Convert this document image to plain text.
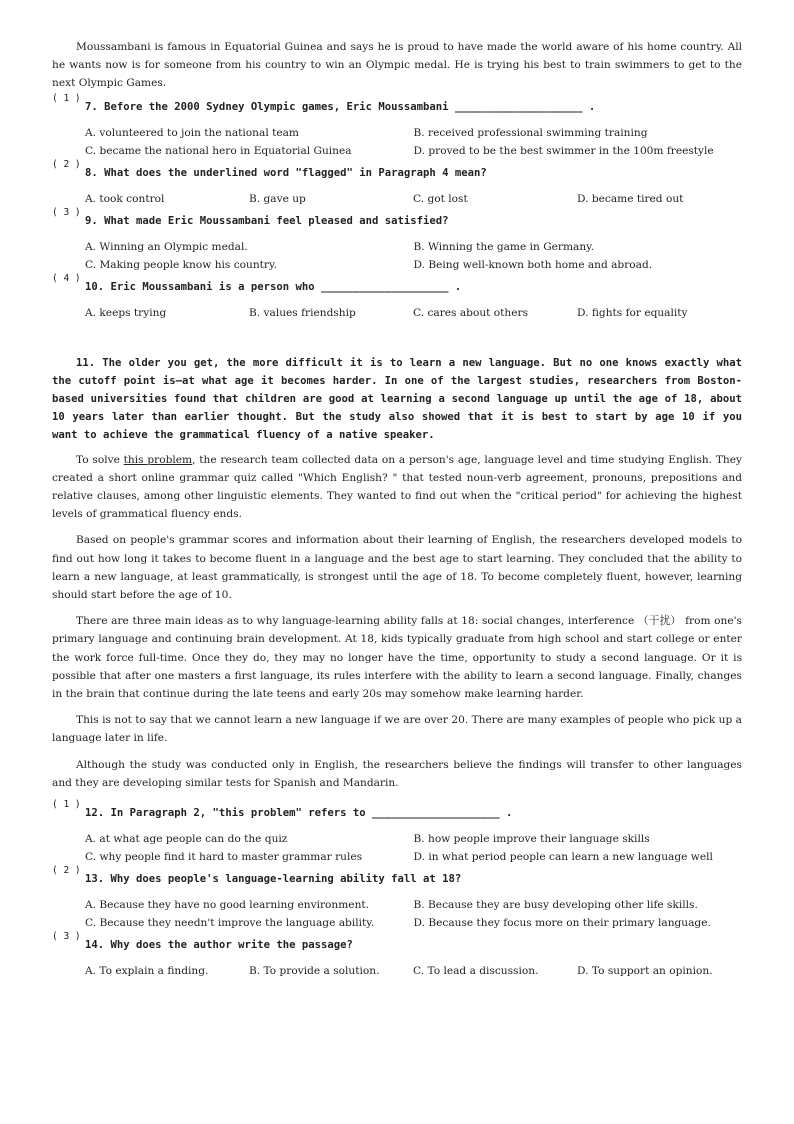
Moussambani is famous in Equatorial Guinea and says he is proud to have made the world aware of his home country. All he wants now is for someone from his country to win an Olympic medal. He is trying his best to train swimmers to get to the next Olympic Games.

( 1 )
7. Before the 2000 Sydney Olympic games, Eric Moussambani ____________________ .
A. volunteered to join the national team	B. received professional swimming training
C. became the national hero in Equatorial Guinea	D. proved to be the best swimmer in the 100m freestyle
( 2 )
8. What does the underlined word "flagged" in Paragraph 4 mean?
A. took control	B. gave up	C. got lost	D. became tired out
( 3 )
9. What made Eric Moussambani feel pleased and satisfied?
A. Winning an Olympic medal.	B. Winning the game in Germany.
C. Making people know his country.	D. Being well-known both home and abroad.
( 4 )
10. Eric Moussambani is a person who ____________________ .
A. keeps trying	B. values friendship	C. cares about others	D. fights for equality

11. The older you get, the more difficult it is to learn a new language. But no one knows exactly what the cutoff point is—at what age it becomes harder. In one of the largest studies, researchers from Boston-based universities found that children are good at learning a second language up until the age of 18, about 10 years later than earlier thought. But the study also showed that it is best to start by age 10 if you want to achieve the grammatical fluency of a native speaker.

To solve this problem, the research team collected data on a person's age, language level and time studying English. They created a short online grammar quiz called "Which English? " that tested noun-verb agreement, pronouns, prepositions and relative clauses, among other linguistic elements. They wanted to find out when the "critical period" for achieving the highest levels of grammatical fluency ends.

Based on people's grammar scores and information about their learning of English, the researchers developed models to find out how long it takes to become fluent in a language and the best age to start learning. They concluded that the ability to learn a new language, at least grammatically, is strongest until the age of 18. To become completely fluent, however, learning should start before the age of 10.

There are three main ideas as to why language-learning ability falls at 18: social changes, interference （干扰） from one's primary language and continuing brain development. At 18, kids typically graduate from high school and start college or enter the work force full-time. Once they do, they may no longer have the time, opportunity to study a second language. Or it is possible that after one masters a first language, its rules interfere with the ability to learn a second language. Finally, changes in the brain that continue during the late teens and early 20s may somehow make learning harder.

This is not to say that we cannot learn a new language if we are over 20. There are many examples of people who pick up a language later in life.

Although the study was conducted only in English, the researchers believe the findings will transfer to other languages and they are developing similar tests for Spanish and Mandarin.

( 1 )
12. In Paragraph 2, "this problem" refers to ____________________ .
A. at what age people can do the quiz	B. how people improve their language skills
C. why people find it hard to master grammar rules	D. in what period people can learn a new language well
( 2 )
13. Why does people's language-learning ability fall at 18?
A. Because they have no good learning environment.	B. Because they are busy developing other life skills.
C. Because they needn't improve the language ability.	D. Because they focus more on their primary language.
( 3 )
14. Why does the author write the passage?
A. To explain a finding.	B. To provide a solution.	C. To lead a discussion.	D. To support an opinion.
